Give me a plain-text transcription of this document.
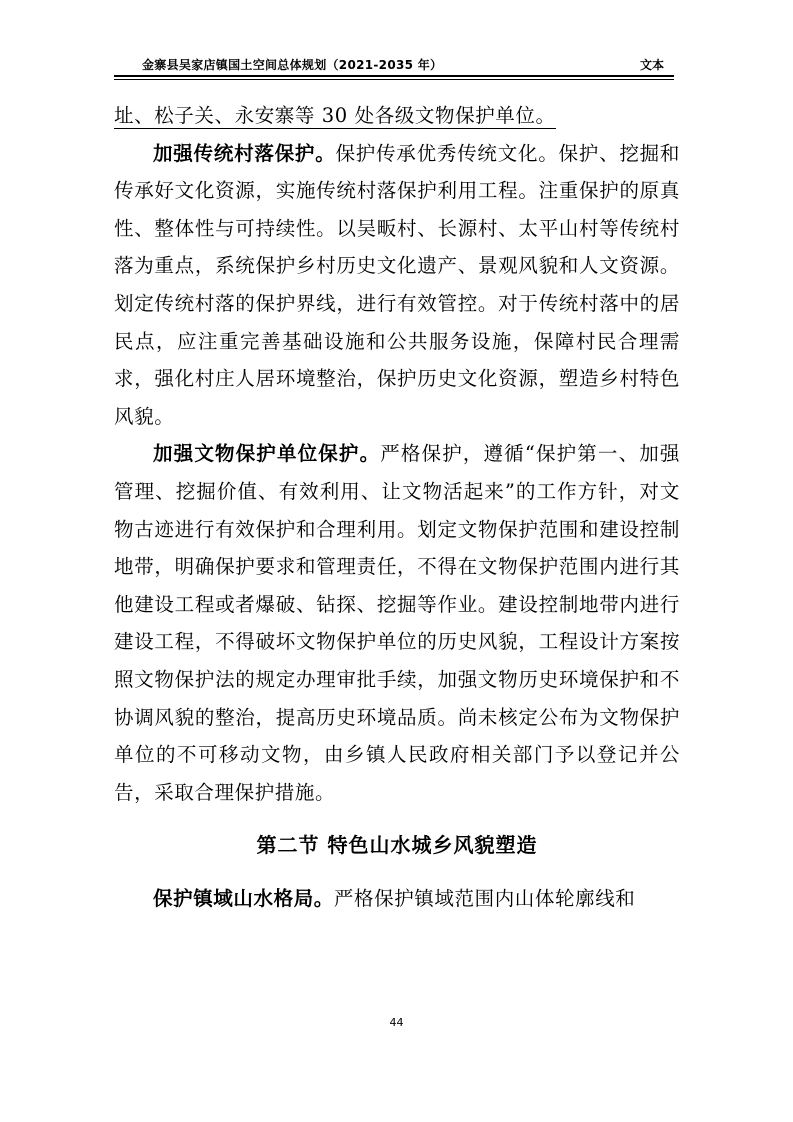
金寨县吴家店镇国土空间总体规划（2021-2035 年）	文本

址、松子关、永安寨等 30 处各级文物保护单位。

加强传统村落保护。保护传承优秀传统文化。保护、挖掘和传承好文化资源，实施传统村落保护利用工程。注重保护的原真性、整体性与可持续性。以吴畈村、长源村、太平山村等传统村落为重点，系统保护乡村历史文化遗产、景观风貌和人文资源。划定传统村落的保护界线，进行有效管控。对于传统村落中的居民点，应注重完善基础设施和公共服务设施，保障村民合理需求，强化村庄人居环境整治，保护历史文化资源，塑造乡村特色风貌。

加强文物保护单位保护。严格保护，遵循“保护第一、加强管理、挖掘价值、有效利用、让文物活起来”的工作方针，对文物古迹进行有效保护和合理利用。划定文物保护范围和建设控制地带，明确保护要求和管理责任，不得在文物保护范围内进行其他建设工程或者爆破、钻探、挖掘等作业。建设控制地带内进行建设工程，不得破坏文物保护单位的历史风貌，工程设计方案按照文物保护法的规定办理审批手续，加强文物历史环境保护和不协调风貌的整治，提高历史环境品质。尚未核定公布为文物保护单位的不可移动文物，由乡镇人民政府相关部门予以登记并公告，采取合理保护措施。

第二节 特色山水城乡风貌塑造

保护镇域山水格局。严格保护镇域范围内山体轮廓线和

44
